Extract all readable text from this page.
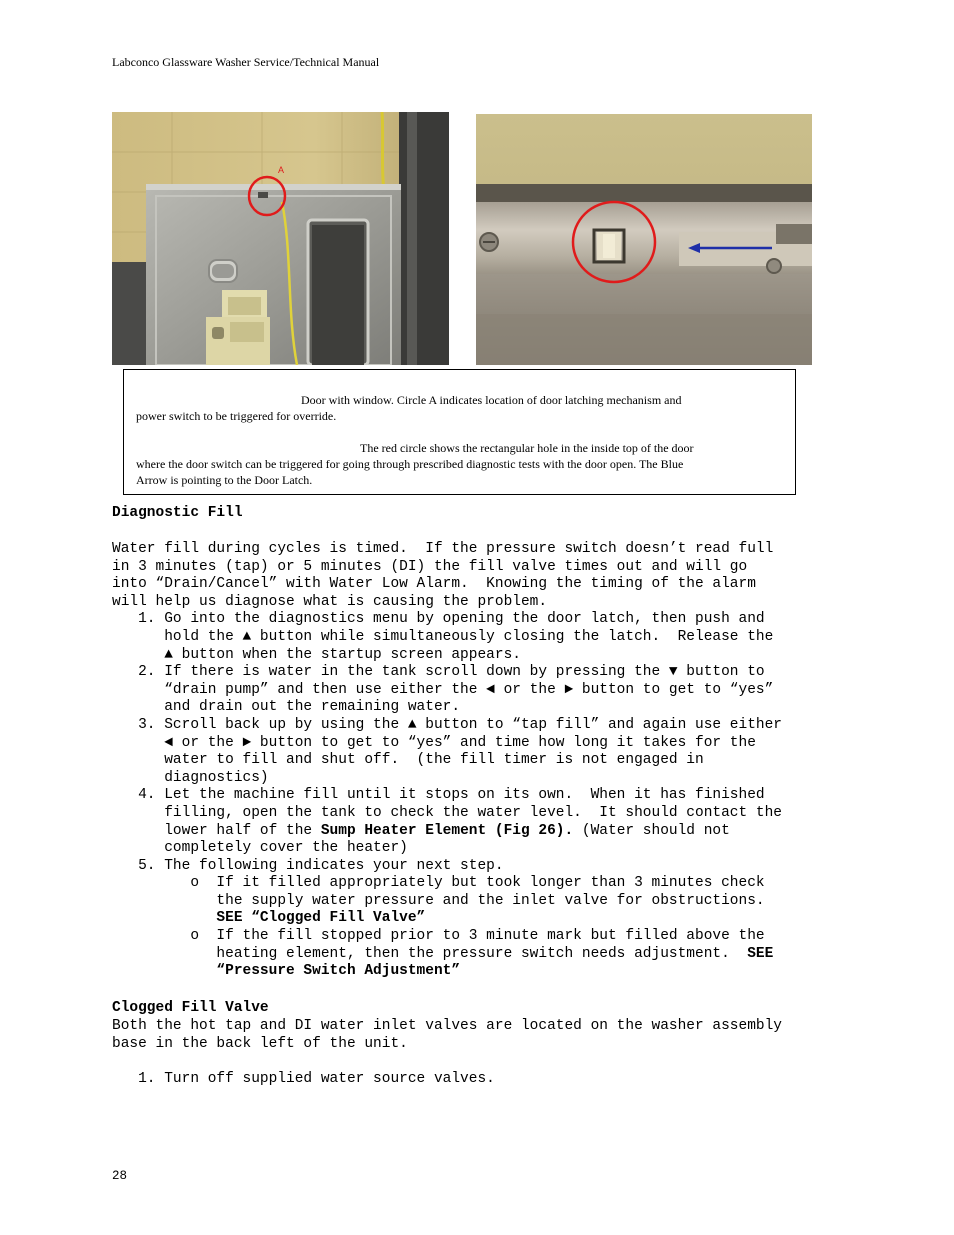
Labconco Glassware Washer Service/Technical Manual
A

Door with window. Circle A indicates location of door latching mechanism and
power switch to be triggered for override.

The red circle shows the rectangular hole in the inside top of the door
where the door switch can be triggered for going through prescribed diagnostic tests with the door open. The Blue
Arrow is pointing to the Door Latch.

Diagnostic Fill
Water fill during cycles is timed.  If the pressure switch doesn’t read full
in 3 minutes (tap) or 5 minutes (DI) the fill valve times out and will go
into “Drain/Cancel” with Water Low Alarm.  Knowing the timing of the alarm
will help us diagnose what is causing the problem.
1. Go into the diagnostics menu by opening the door latch, then push and
hold the ▲ button while simultaneously closing the latch.  Release the
▲ button when the startup screen appears.
2. If there is water in the tank scroll down by pressing the ▼ button to
“drain pump” and then use either the ◄ or the ► button to get to “yes”
and drain out the remaining water.
3. Scroll back up by using the ▲ button to “tap fill” and again use either
◄ or the ► button to get to “yes” and time how long it takes for the
water to fill and shut off.  (the fill timer is not engaged in
diagnostics)
4. Let the machine fill until it stops on its own.  When it has finished
filling, open the tank to check the water level.  It should contact the
lower half of the Sump Heater Element (Fig 26). (Water should not
completely cover the heater)
5. The following indicates your next step.
o  If it filled appropriately but took longer than 3 minutes check
the supply water pressure and the inlet valve for obstructions.
SEE “Clogged Fill Valve”
o  If the fill stopped prior to 3 minute mark but filled above the
heating element, then the pressure switch needs adjustment.  SEE
“Pressure Switch Adjustment”
Clogged Fill Valve
Both the hot tap and DI water inlet valves are located on the washer assembly
base in the back left of the unit.
1. Turn off supplied water source valves.
28
